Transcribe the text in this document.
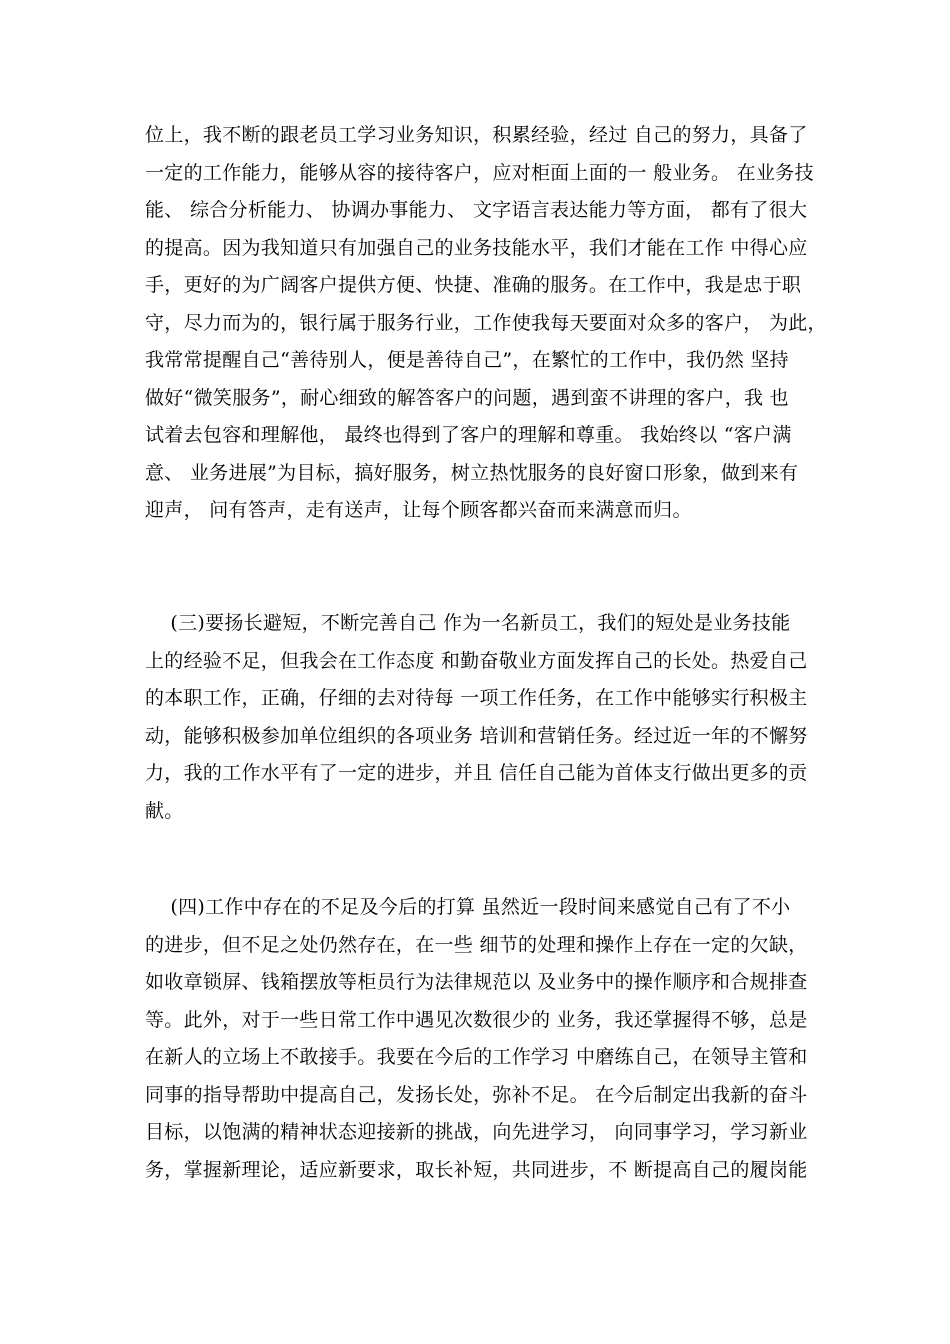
位上，我不断的跟老员工学习业务知识，积累经验，经过 自己的努力，具备了
一定的工作能力，能够从容的接待客户，应对柜面上面的一 般业务。 在业务技
能、 综合分析能力、 协调办事能力、 文字语言表达能力等方面， 都有了很大
的提高。因为我知道只有加强自己的业务技能水平，我们才能在工作 中得心应
手，更好的为广阔客户提供方便、快捷、准确的服务。在工作中，我是忠于职
守，尽力而为的，银行属于服务行业，工作使我每天要面对众多的客户， 为此，
我常常提醒自己“善待别人，便是善待自己”，在繁忙的工作中，我仍然 坚持
做好“微笑服务”，耐心细致的解答客户的问题，遇到蛮不讲理的客户，我 也
试着去包容和理解他， 最终也得到了客户的理解和尊重。 我始终以 “客户满
意、 业务进展”为目标，搞好服务，树立热忱服务的良好窗口形象，做到来有
迎声， 问有答声，走有送声，让每个顾客都兴奋而来满意而归。
(三)要扬长避短，不断完善自己 作为一名新员工，我们的短处是业务技能
上的经验不足，但我会在工作态度 和勤奋敬业方面发挥自己的长处。热爱自己
的本职工作，正确，仔细的去对待每 一项工作任务，在工作中能够实行积极主
动，能够积极参加单位组织的各项业务 培训和营销任务。经过近一年的不懈努
力，我的工作水平有了一定的进步，并且 信任自己能为首体支行做出更多的贡
献。
(四)工作中存在的不足及今后的打算 虽然近一段时间来感觉自己有了不小
的进步，但不足之处仍然存在，在一些 细节的处理和操作上存在一定的欠缺，
如收章锁屏、钱箱摆放等柜员行为法律规范以 及业务中的操作顺序和合规排查
等。此外，对于一些日常工作中遇见次数很少的 业务，我还掌握得不够，总是
在新人的立场上不敢接手。我要在今后的工作学习 中磨练自己，在领导主管和
同事的指导帮助中提高自己，发扬长处，弥补不足。 在今后制定出我新的奋斗
目标，以饱满的精神状态迎接新的挑战，向先进学习， 向同事学习，学习新业
务，掌握新理论，适应新要求，取长补短，共同进步，不 断提高自己的履岗能
